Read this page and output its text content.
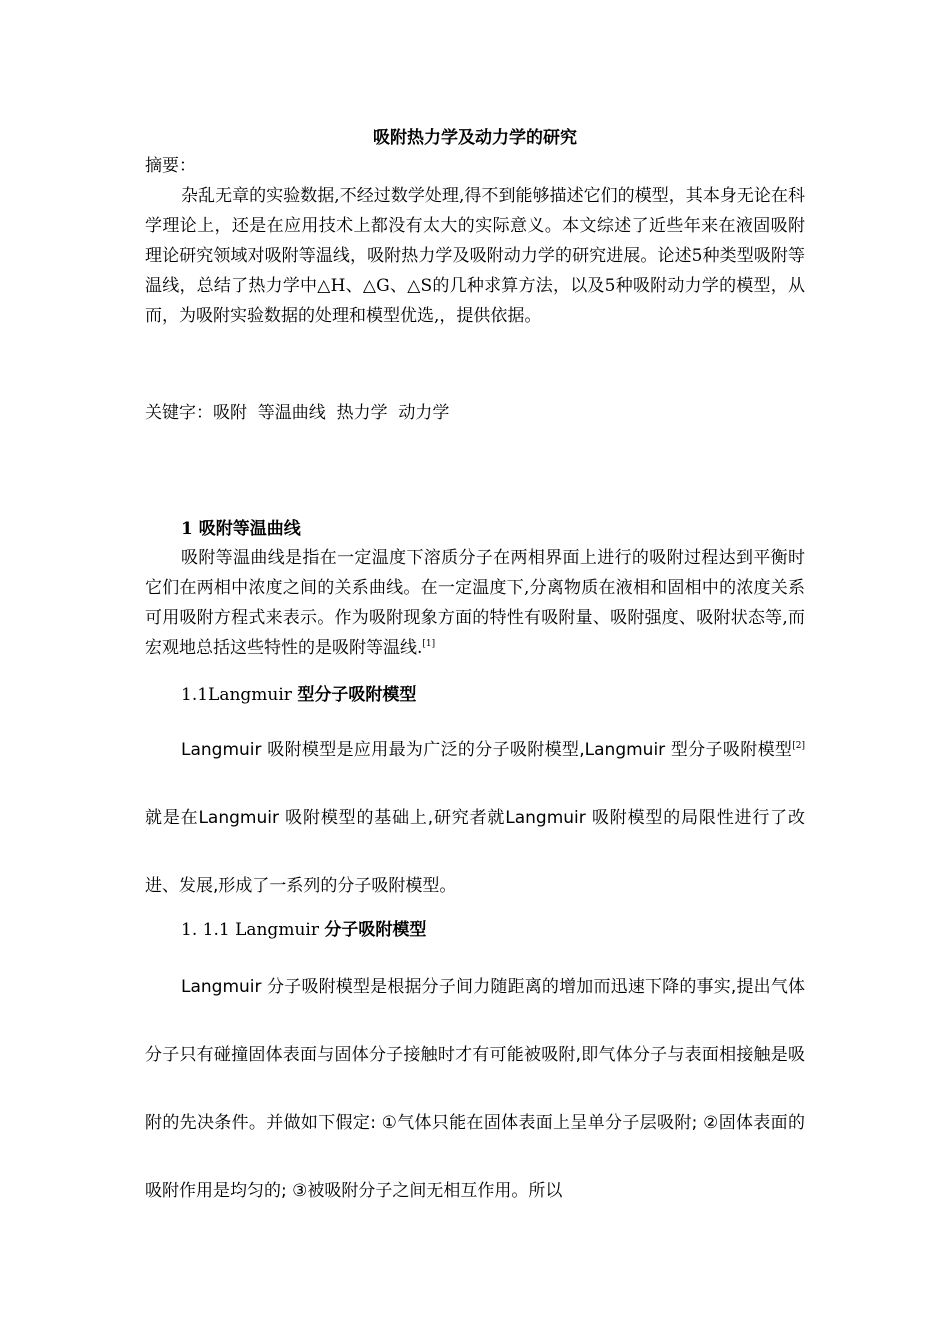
吸附热力学及动力学的研究

摘要：

杂乱无章的实验数据,不经过数学处理,得不到能够描述它们的模型，其本身无论在科学理论上，还是在应用技术上都没有太大的实际意义。本文综述了近些年来在液固吸附理论研究领域对吸附等温线，吸附热力学及吸附动力学的研究进展。论述5种类型吸附等温线，总结了热力学中△H、△G、△S的几种求算方法，以及5种吸附动力学的模型，从而，为吸附实验数据的处理和模型优选,，提供依据。

关键字：吸附  等温曲线  热力学  动力学

1 吸附等温曲线

吸附等温曲线是指在一定温度下溶质分子在两相界面上进行的吸附过程达到平衡时它们在两相中浓度之间的关系曲线。在一定温度下,分离物质在液相和固相中的浓度关系可用吸附方程式来表示。作为吸附现象方面的特性有吸附量、吸附强度、吸附状态等,而宏观地总括这些特性的是吸附等温线.[1]

1.1Langmuir 型分子吸附模型

Langmuir 吸附模型是应用最为广泛的分子吸附模型,Langmuir 型分子吸附模型[2]就是在Langmuir 吸附模型的基础上,研究者就Langmuir 吸附模型的局限性进行了改进、发展,形成了一系列的分子吸附模型。

1. 1.1 Langmuir 分子吸附模型

Langmuir 分子吸附模型是根据分子间力随距离的增加而迅速下降的事实,提出气体分子只有碰撞固体表面与固体分子接触时才有可能被吸附,即气体分子与表面相接触是吸附的先决条件。并做如下假定: ①气体只能在固体表面上呈单分子层吸附; ②固体表面的吸附作用是均匀的; ③被吸附分子之间无相互作用。所以
